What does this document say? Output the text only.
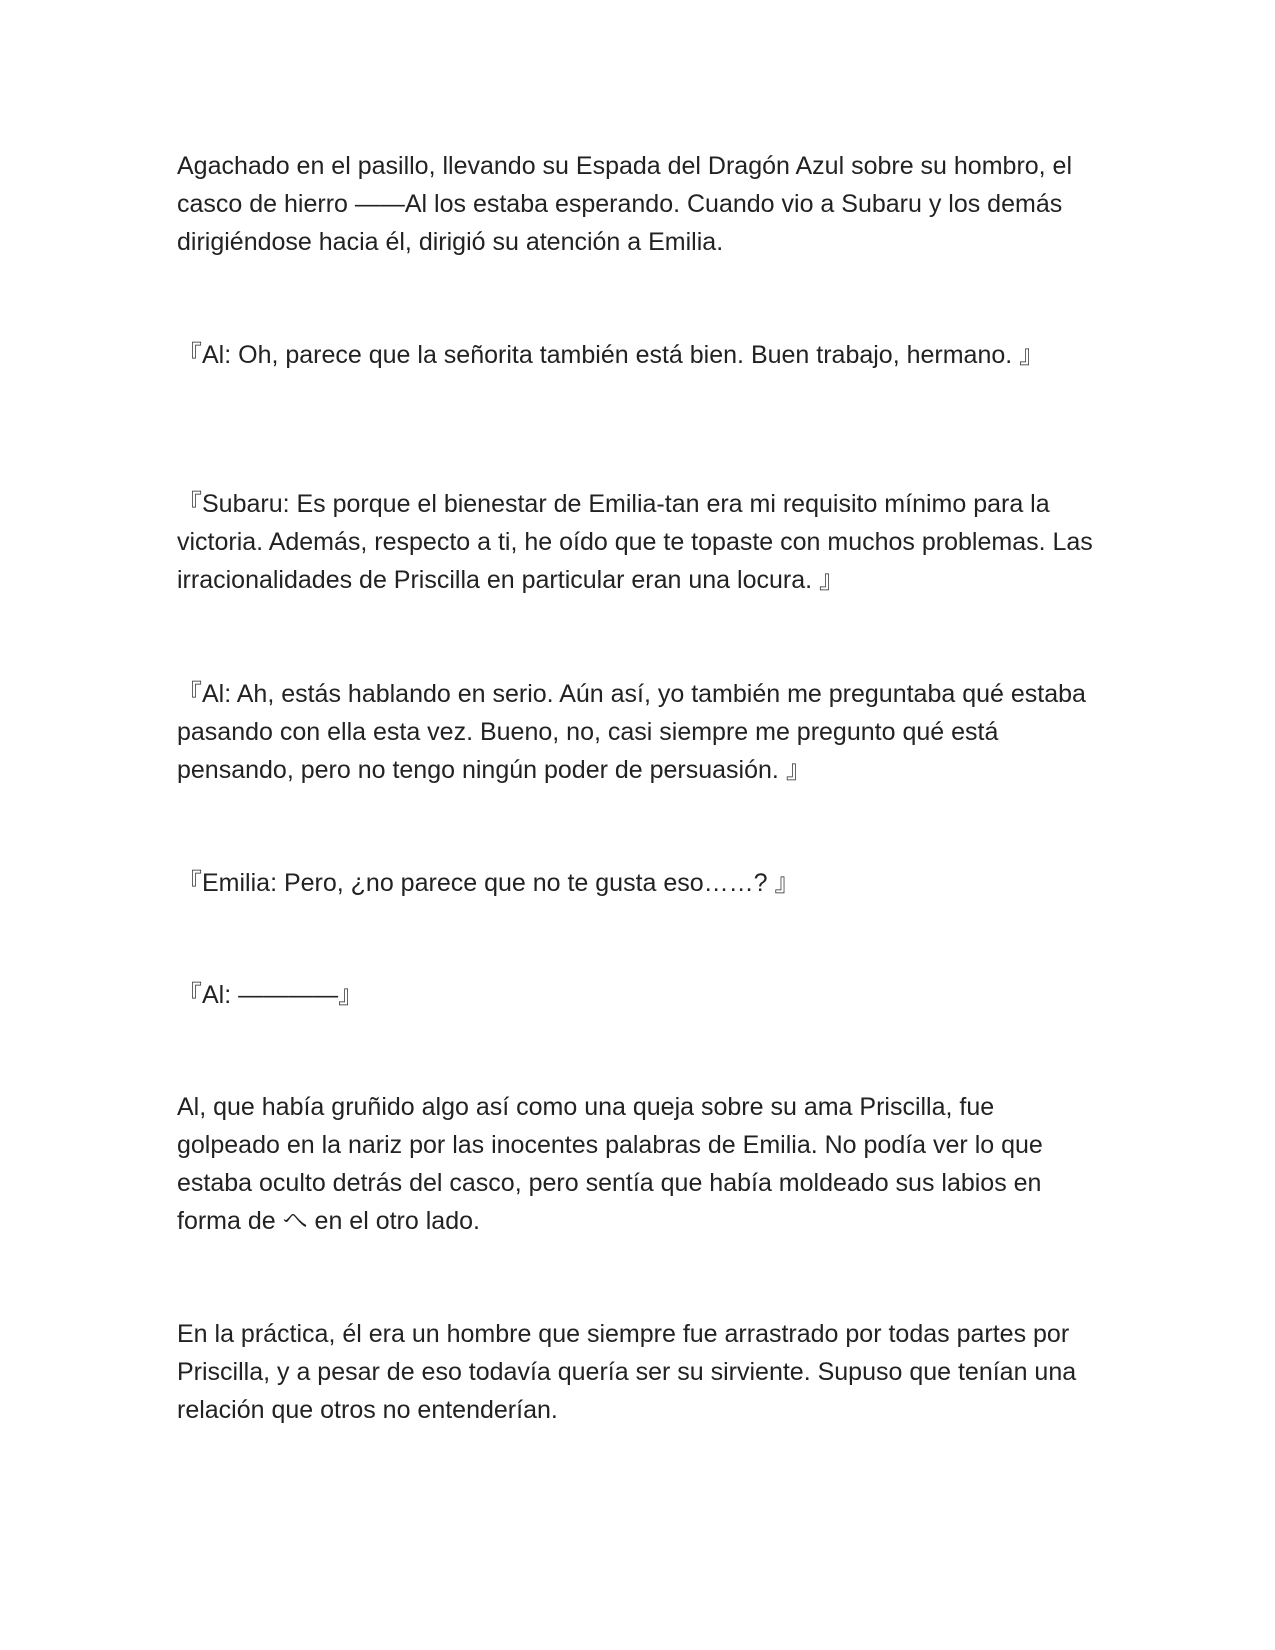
Agachado en el pasillo, llevando su Espada del Dragón Azul sobre su hombro, el casco de hierro ——Al los estaba esperando. Cuando vio a Subaru y los demás dirigiéndose hacia él, dirigió su atención a Emilia.

『Al: Oh, parece que la señorita también está bien. Buen trabajo, hermano. 』

『Subaru: Es porque el bienestar de Emilia-tan era mi requisito mínimo para la victoria. Además, respecto a ti, he oído que te topaste con muchos problemas. Las irracionalidades de Priscilla en particular eran una locura. 』

『Al: Ah, estás hablando en serio. Aún así, yo también me preguntaba qué estaba pasando con ella esta vez. Bueno, no, casi siempre me pregunto qué está pensando, pero no tengo ningún poder de persuasión. 』

『Emilia: Pero, ¿no parece que no te gusta eso……? 』

『Al: ————』

Al, que había gruñido algo así como una queja sobre su ama Priscilla, fue golpeado en la nariz por las inocentes palabras de Emilia. No podía ver lo que estaba oculto detrás del casco, pero sentía que había moldeado sus labios en forma de へ en el otro lado.

En la práctica, él era un hombre que siempre fue arrastrado por todas partes por Priscilla, y a pesar de eso todavía quería ser su sirviente. Supuso que tenían una relación que otros no entenderían.
